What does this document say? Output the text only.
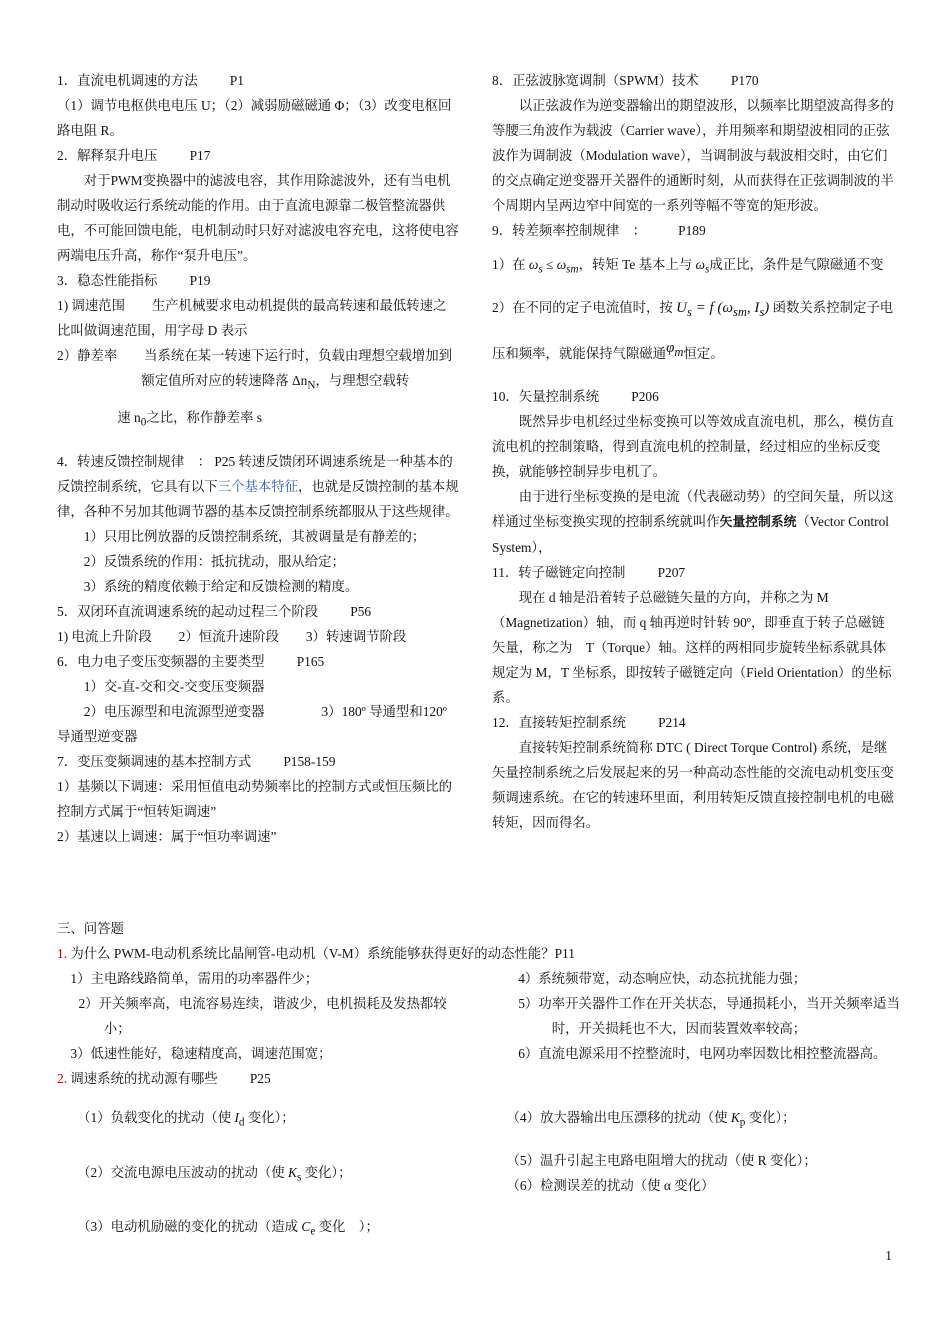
1．直流电机调速的方法 P1

（1）调节电枢供电电压 U；（2）减弱励磁磁通 Φ；（3）改变电枢回路电阻 R。

2．解释泵升电压 P17

对于PWM变换器中的滤波电容，其作用除滤波外，还有当电机制动时吸收运行系统动能的作用。由于直流电源靠二极管整流器供电，不可能回馈电能，电机制动时只好对滤波电容充电，这将使电容两端电压升高，称作“泵升电压”。

3．稳态性能指标 P19

1) 调速范围　　生产机械要求电动机提供的最高转速和最低转速之比叫做调速范围，用字母 D 表示

2）静差率　　当系统在某一转速下运行时，负载由理想空载增加到额定值所对应的转速降落 $\Delta n_N$，与理想空载转

速 $n_0$之比，称作静差率 s

4．转速反馈控制规律　： P25 转速反馈闭环调速系统是一种基本的反馈控制系统，它具有以下三个基本特征，也就是反馈控制的基本规律，各种不另加其他调节器的基本反馈控制系统都服从于这些规律。

1）只用比例放器的反馈控制系统，其被调量是有静差的；

2）反馈系统的作用：抵抗扰动，服从给定；

3）系统的精度依赖于给定和反馈检测的精度。

5．双闭环直流调速系统的起动过程三个阶段 P56

1) 电流上升阶段　　2）恒流升速阶段　　3）转速调节阶段

6．电力电子变压变频器的主要类型 P165

1）交-直-交和交-交变压变频器

2）电压源型和电流源型逆变器　　　　 3）180º 导通型和120º 导通型逆变器

7．变压变频调速的基本控制方式 P158-159

1）基频以下调速：采用恒值电动势频率比的控制方式或恒压频比的控制方式属于“恒转矩调速”

2）基速以上调速：属于“恒功率调速”

8．正弦波脉宽调制（SPWM）技术 P170

以正弦波作为逆变器输出的期望波形，以频率比期望波高得多的等腰三角波作为载波（Carrier wave），并用频率和期望波相同的正弦波作为调制波（Modulation wave），当调制波与载波相交时，由它们的交点确定逆变器开关器件的通断时刻，从而获得在正弦调制波的半个周期内呈两边窄中间宽的一系列等幅不等宽的矩形波。

9．转差频率控制规律　： P189

1）在 $\omega_s \le \omega_{sm}$，转矩 Te 基本上与 $\omega_s$成正比，条件是气隙磁通不变

2）在不同的定子电流值时，按 $U_s = f$ ($\omega_{sm}$, $I_s$) 函数关系控制定子电压和频率，就能保持气隙磁通$\varphi_m$恒定。

10．矢量控制系统 P206

既然异步电机经过坐标变换可以等效成直流电机，那么，模仿直流电机的控制策略，得到直流电机的控制量，经过相应的坐标反变换，就能够控制异步电机了。

由于进行坐标变换的是电流（代表磁动势）的空间矢量，所以这样通过坐标变换实现的控制系统就叫作矢量控制系统（Vector Control System），

11．转子磁链定向控制 P207

现在 d 轴是沿着转子总磁链矢量的方向，并称之为 M（Magnetization）轴，而 q 轴再逆时针转 90º，即垂直于转子总磁链矢量，称之为　T（Torque）轴。这样的两相同步旋转坐标系就具体规定为 M，T 坐标系，即按转子磁链定向（Field Orientation）的坐标系。

12．直接转矩控制系统 P214

直接转矩控制系统简称 DTC ( Direct Torque Control) 系统，是继矢量控制系统之后发展起来的另一种高动态性能的交流电动机变压变频调速系统。在它的转速环里面，利用转矩反馈直接控制电机的电磁转矩，因而得名。

三、问答题

1. 为什么 PWM-电动机系统比晶闸管-电动机（V-M）系统能够获得更好的动态性能？P11

1）主电路线路简单，需用的功率器件少；

2）开关频率高，电流容易连续，谐波少，电机损耗及发热都较小；

3）低速性能好，稳速精度高，调速范围宽；

4）系统频带宽，动态响应快，动态抗扰能力强；

5）功率开关器件工作在开关状态，导通损耗小，当开关频率适当时，开关损耗也不大，因而装置效率较高；

6）直流电源采用不控整流时，电网功率因数比相控整流器高。

2. 调速系统的扰动源有哪些 P25

（1）负载变化的扰动（使 $I_d$ 变化）；

（2）交流电源电压波动的扰动（使 $K_s$ 变化）；

（3）电动机励磁的变化的扰动（造成 $C_e$ 变化　）；

（4）放大器输出电压漂移的扰动（使 $K_p$ 变化）；

（5）温升引起主电路电阻增大的扰动（使 R 变化）；

（6）检测误差的扰动（使 α 变化）

1
